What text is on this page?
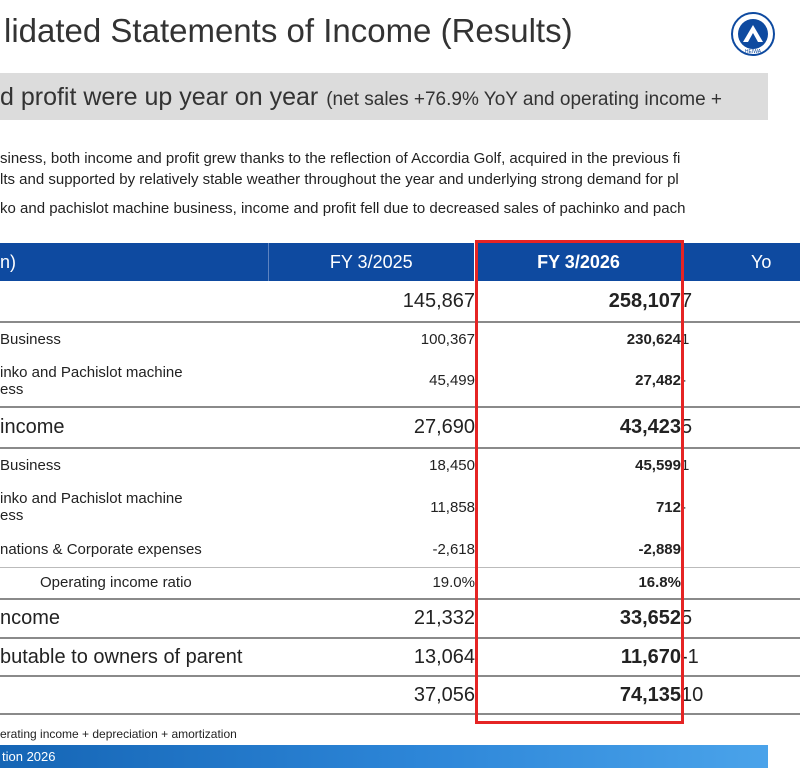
lidated Statements of Income (Results)
HEIWA
d profit were up year on year (net sales +76.9% YoY and operating income +
siness, both income and profit grew thanks to the reflection of Accordia Golf, acquired in the previous fi
lts and supported by relatively stable weather throughout the year and underlying strong demand for pl
ko and pachislot machine business, income and profit fell due to decreased sales of pachinko and pach
n)	FY 3/2025	FY 3/2026	Yo
	145,867	258,107	7
Business	100,367	230,624	1

inko and Pachislot machine
ess	45,499	27,482	-
income	27,690	43,423	5
Business	18,450	45,599	1

inko and Pachislot machine
ess	11,858	712	-
nations & Corporate expenses	-2,618	-2,889	
Operating income ratio	19.0%	16.8%	
ncome	21,332	33,652	5
butable to owners of parent	13,064	11,670	-1
	37,056	74,135	10
erating income + depreciation + amortization
tion 2026
